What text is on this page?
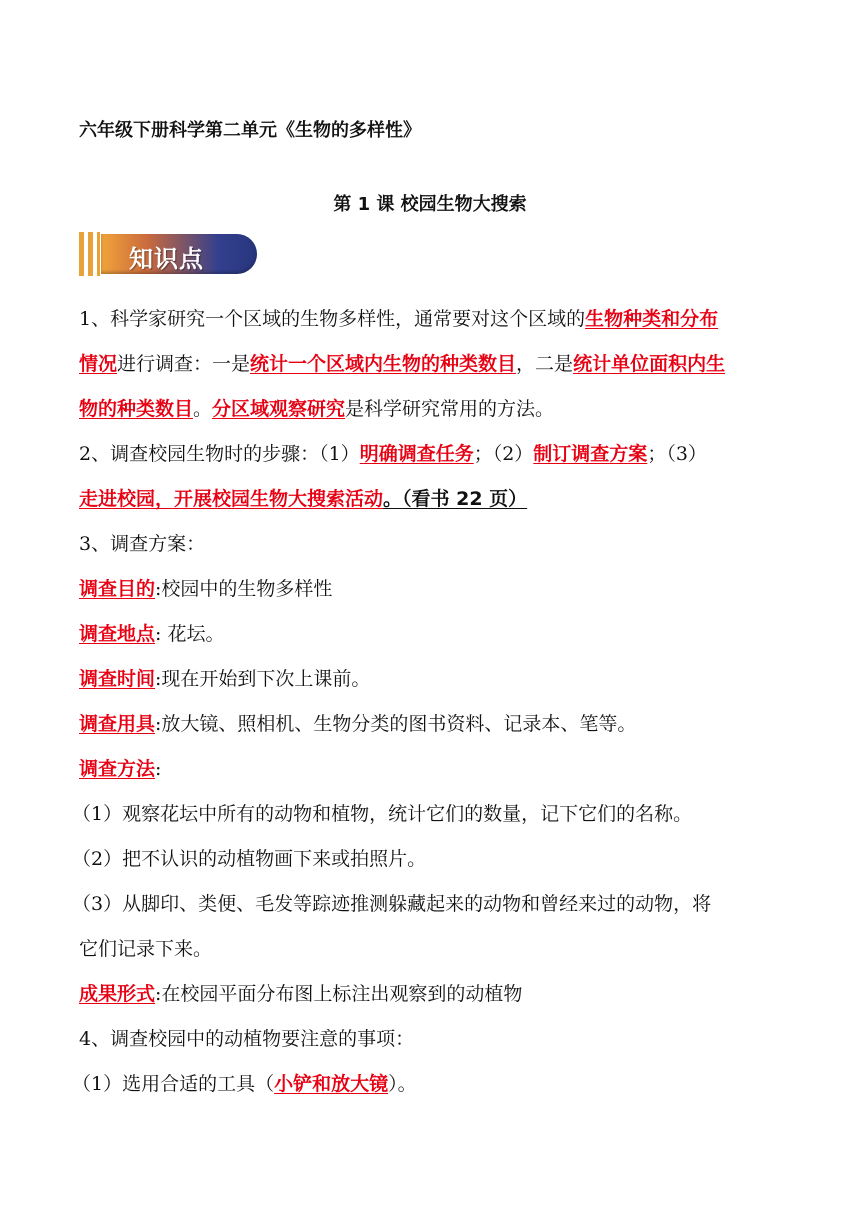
六年级下册科学第二单元《生物的多样性》
第 1 课 校园生物大搜索
知识点
1、科学家研究一个区域的生物多样性，通常要对这个区域的生物种类和分布
情况进行调查：一是统计一个区域内生物的种类数目，二是统计单位面积内生
物的种类数目。分区域观察研究是科学研究常用的方法。
2、调查校园生物时的步骤：（1）明确调查任务；（2）制订调查方案；（3）
走进校园，开展校园生物大搜索活动。（看书 22 页）
3、调查方案：
调查目的:校园中的生物多样性
调查地点: 花坛。
调查时间:现在开始到下次上课前。
调查用具:放大镜、照相机、生物分类的图书资料、记录本、笔等。
调查方法:
（1）观察花坛中所有的动物和植物，统计它们的数量，记下它们的名称。
（2）把不认识的动植物画下来或拍照片。
（3）从脚印、类便、毛发等踪迹推测躲藏起来的动物和曾经来过的动物，将
它们记录下来。
成果形式:在校园平面分布图上标注出观察到的动植物
4、调查校园中的动植物要注意的事项：
（1）选用合适的工具（小铲和放大镜）。
